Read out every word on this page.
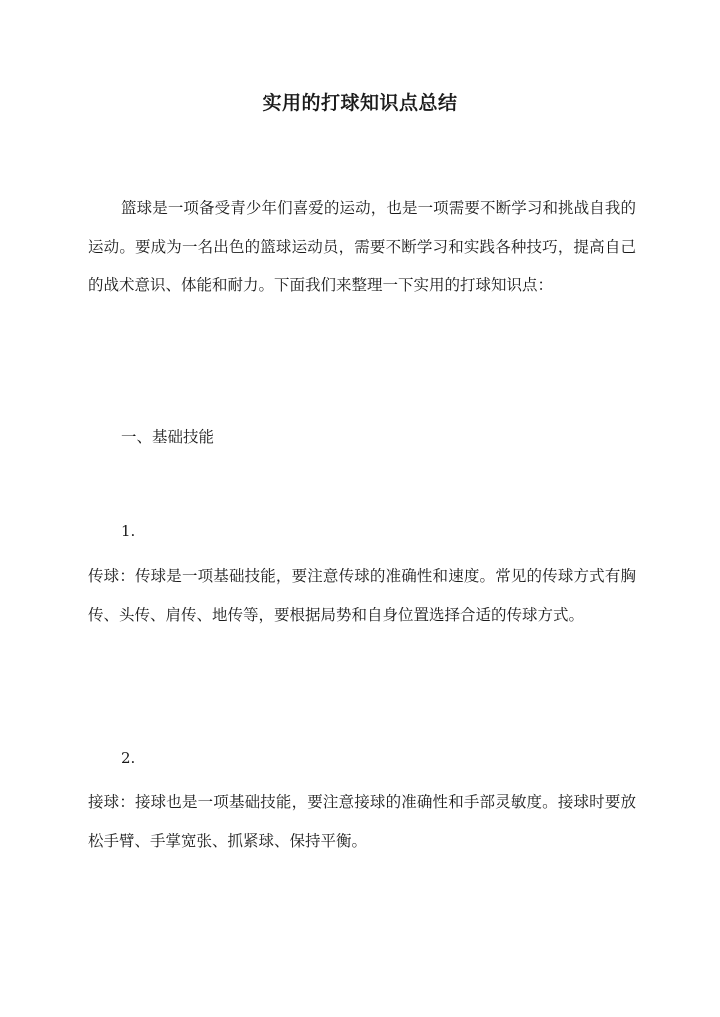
实用的打球知识点总结

篮球是一项备受青少年们喜爱的运动，也是一项需要不断学习和挑战自我的运动。要成为一名出色的篮球运动员，需要不断学习和实践各种技巧，提高自己的战术意识、体能和耐力。下面我们来整理一下实用的打球知识点：

一、基础技能

1.

传球：传球是一项基础技能，要注意传球的准确性和速度。常见的传球方式有胸传、头传、肩传、地传等，要根据局势和自身位置选择合适的传球方式。

2.

接球：接球也是一项基础技能，要注意接球的准确性和手部灵敏度。接球时要放松手臂、手掌宽张、抓紧球、保持平衡。
